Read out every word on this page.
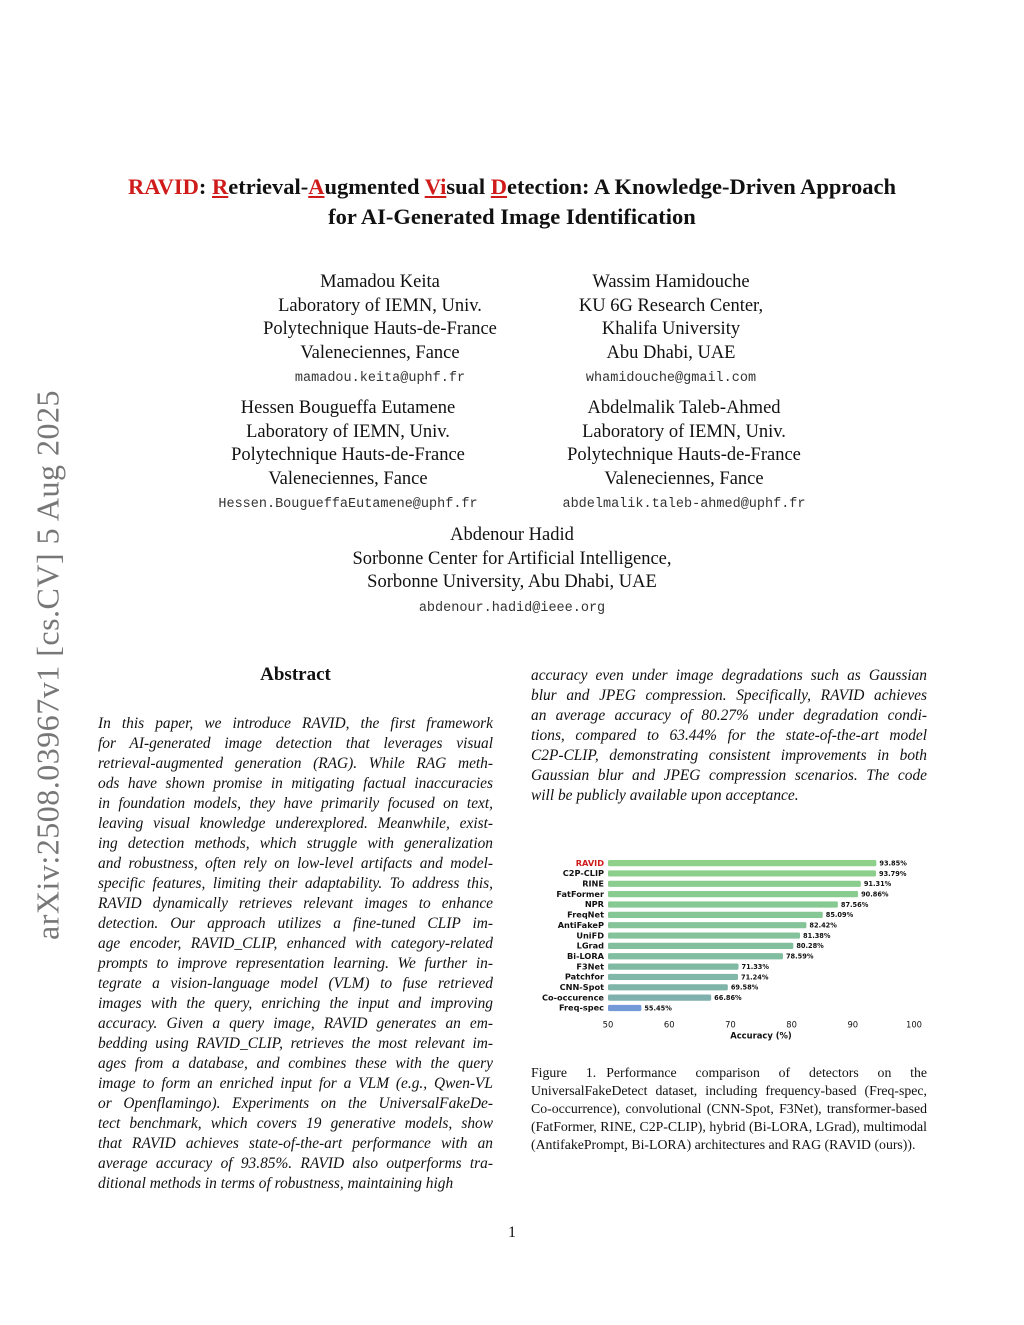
arXiv:2508.03967v1 [cs.CV] 5 Aug 2025
RAVID: Retrieval-Augmented Visual Detection: A Knowledge-Driven Approach
for AI-Generated Image Identification
Mamadou Keita
Laboratory of IEMN, Univ.
Polytechnique Hauts-de-France
Valeneciennes, Fance
mamadou.keita@uphf.fr
Wassim Hamidouche
KU 6G Research Center,
Khalifa University
Abu Dhabi, UAE
whamidouche@gmail.com
Hessen Bougueffa Eutamene
Laboratory of IEMN, Univ.
Polytechnique Hauts-de-France
Valeneciennes, Fance
Hessen.BougueffaEutamene@uphf.fr
Abdelmalik Taleb-Ahmed
Laboratory of IEMN, Univ.
Polytechnique Hauts-de-France
Valeneciennes, Fance
abdelmalik.taleb-ahmed@uphf.fr
Abdenour Hadid
Sorbonne Center for Artificial Intelligence,
Sorbonne University, Abu Dhabi, UAE
abdenour.hadid@ieee.org
Abstract
In this paper, we introduce RAVID, the first framework
for AI-generated image detection that leverages visual
retrieval-augmented generation (RAG). While RAG meth-
ods have shown promise in mitigating factual inaccuracies
in foundation models, they have primarily focused on text,
leaving visual knowledge underexplored. Meanwhile, exist-
ing detection methods, which struggle with generalization
and robustness, often rely on low-level artifacts and model-
specific features, limiting their adaptability. To address this,
RAVID dynamically retrieves relevant images to enhance
detection. Our approach utilizes a fine-tuned CLIP im-
age encoder, RAVID_CLIP, enhanced with category-related
prompts to improve representation learning. We further in-
tegrate a vision-language model (VLM) to fuse retrieved
images with the query, enriching the input and improving
accuracy. Given a query image, RAVID generates an em-
bedding using RAVID_CLIP, retrieves the most relevant im-
ages from a database, and combines these with the query
image to form an enriched input for a VLM (e.g., Qwen-VL
or Openflamingo). Experiments on the UniversalFakeDe-
tect benchmark, which covers 19 generative models, show
that RAVID achieves state-of-the-art performance with an
average accuracy of 93.85%. RAVID also outperforms tra-
ditional methods in terms of robustness, maintaining high
accuracy even under image degradations such as Gaussian
blur and JPEG compression. Specifically, RAVID achieves
an average accuracy of 80.27% under degradation condi-
tions, compared to 63.44% for the state-of-the-art model
C2P-CLIP, demonstrating consistent improvements in both
Gaussian blur and JPEG compression scenarios. The code
will be publicly available upon acceptance.
RAVID	93.85%
C2P-CLIP	93.79%
RINE	91.31%
FatFormer	90.86%
NPR	87.56%
FreqNet	85.09%
AntiFakeP	82.42%
UniFD	81.38%
LGrad	80.28%
Bi-LORA	78.59%
F3Net	71.33%
Patchfor	71.24%
CNN-Spot	69.58%
Co-occurence	66.86%
Freq-spec	55.45%
50	60	70	80	90	100
Accuracy (%)
Figure 1. Performance comparison of detectors on the UniversalFakeDetect dataset, including frequency-based (Freq-spec, Co-occurrence), convolutional (CNN-Spot, F3Net), transformer-based (FatFormer, RINE, C2P-CLIP), hybrid (Bi-LORA, LGrad), multimodal (AntifakePrompt, Bi-LORA) architectures and RAG (RAVID (ours)).
1
